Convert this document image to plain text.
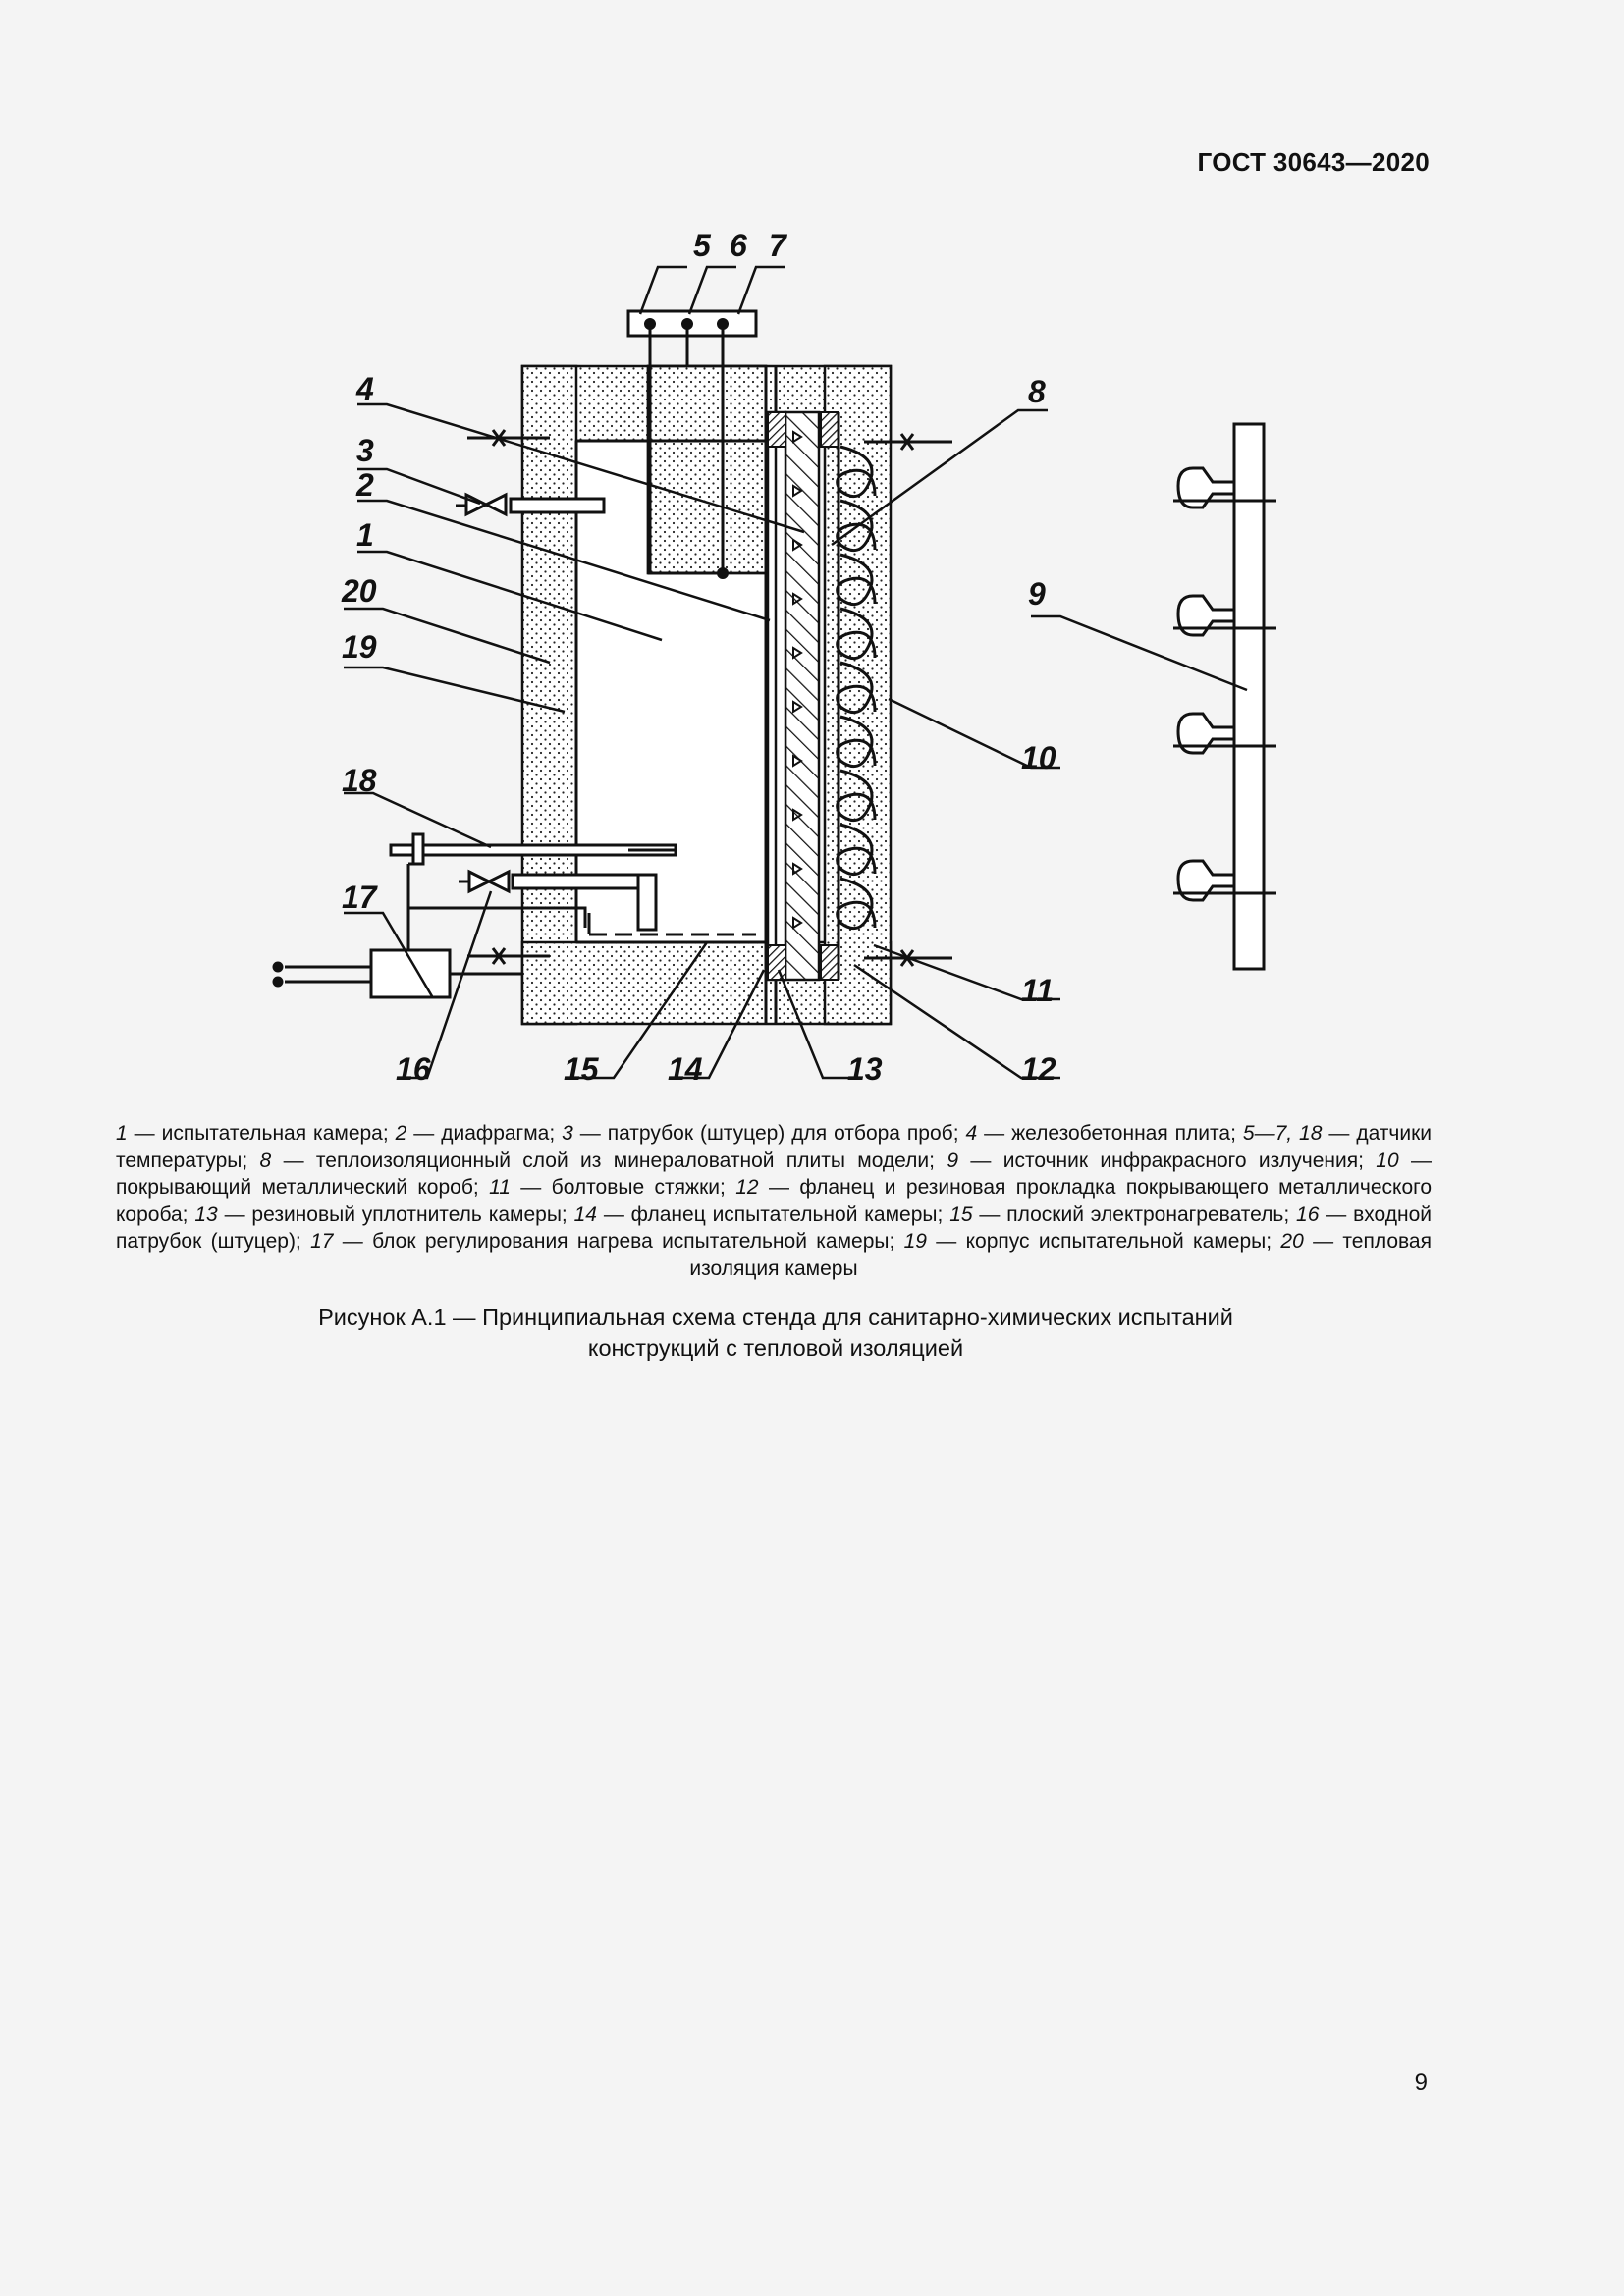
ГОСТ 30643—2020
5 6 7
4
3
2
1
20
19
18
17
8
9
10
11
12
13
14
15
16
1 — испытательная камера; 2 — диафрагма; 3 — патрубок (штуцер) для отбора проб; 4 — железобетонная плита; 5—7, 18 — датчики температуры; 8 — теплоизоляционный слой из минераловатной плиты модели; 9 — источник инфракрасного излучения; 10 — покрывающий металлический короб; 11 — болтовые стяжки; 12 — фланец и резиновая прокладка покрывающего металлического короба; 13 — резиновый уплотнитель камеры; 14 — фланец испытательной камеры; 15 — плоский электронагреватель; 16 — входной патрубок (штуцер); 17 — блок регулирования нагрева испытательной камеры; 19 — корпус испытательной камеры; 20 — тепловая изоляция камеры
Рисунок А.1 — Принципиальная схема стенда для санитарно-химических испытаний
конструкций с тепловой изоляцией
9
